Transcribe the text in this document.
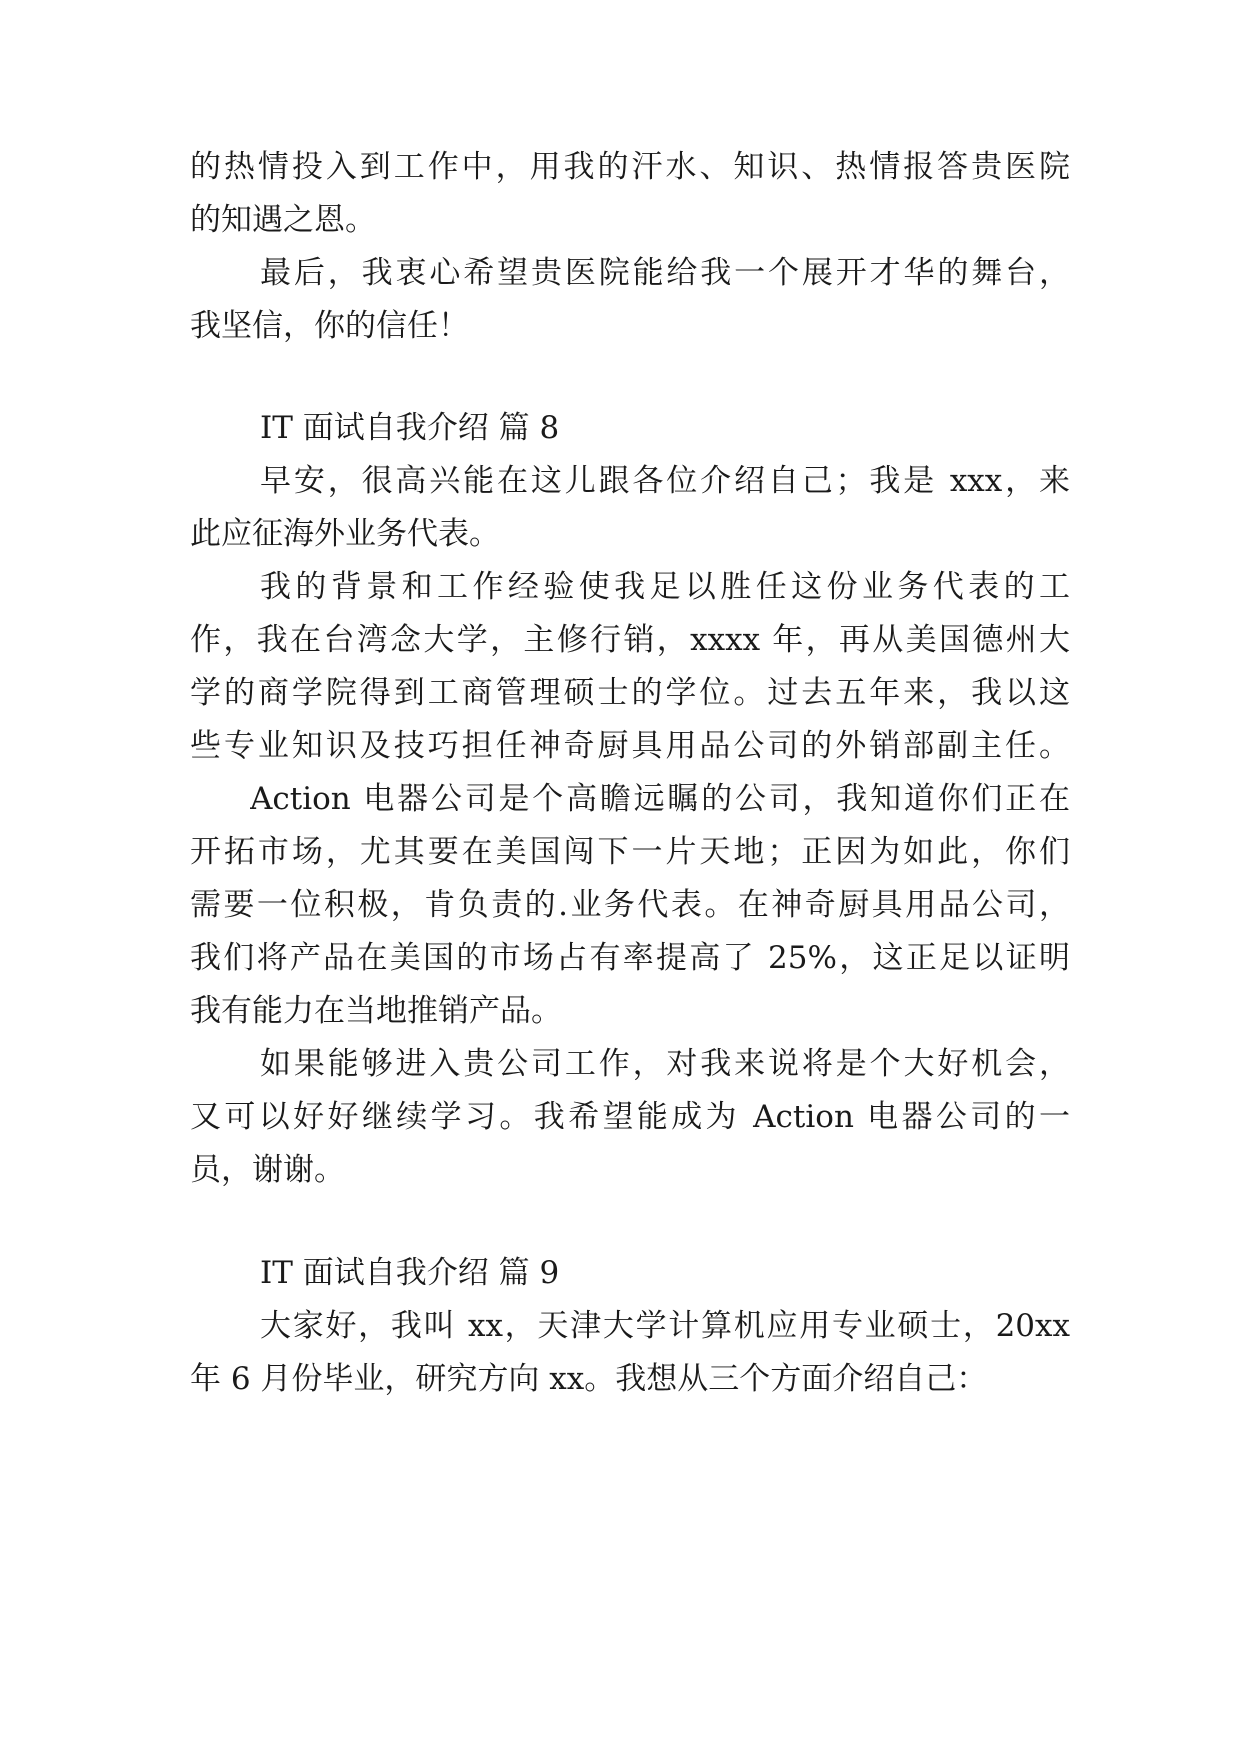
的热情投入到工作中，用我的汗水、知识、热情报答贵医院
的知遇之恩。
最后，我衷心希望贵医院能给我一个展开才华的舞台，
我坚信，你的信任！
IT 面试自我介绍 篇 8
早安，很高兴能在这儿跟各位介绍自己；我是 xxx，来
此应征海外业务代表。
我的背景和工作经验使我足以胜任这份业务代表的工
作，我在台湾念大学，主修行销，xxxx 年，再从美国德州大
学的商学院得到工商管理硕士的学位。过去五年来，我以这
些专业知识及技巧担任神奇厨具用品公司的外销部副主任。
Action 电器公司是个高瞻远瞩的公司，我知道你们正在
开拓市场，尤其要在美国闯下一片天地；正因为如此，你们
需要一位积极，肯负责的.业务代表。在神奇厨具用品公司，
我们将产品在美国的市场占有率提高了 25%，这正足以证明
我有能力在当地推销产品。
如果能够进入贵公司工作，对我来说将是个大好机会，
又可以好好继续学习。我希望能成为 Action 电器公司的一
员，谢谢。
IT 面试自我介绍 篇 9
大家好，我叫 xx，天津大学计算机应用专业硕士，20xx
年 6 月份毕业，研究方向 xx。我想从三个方面介绍自己：
